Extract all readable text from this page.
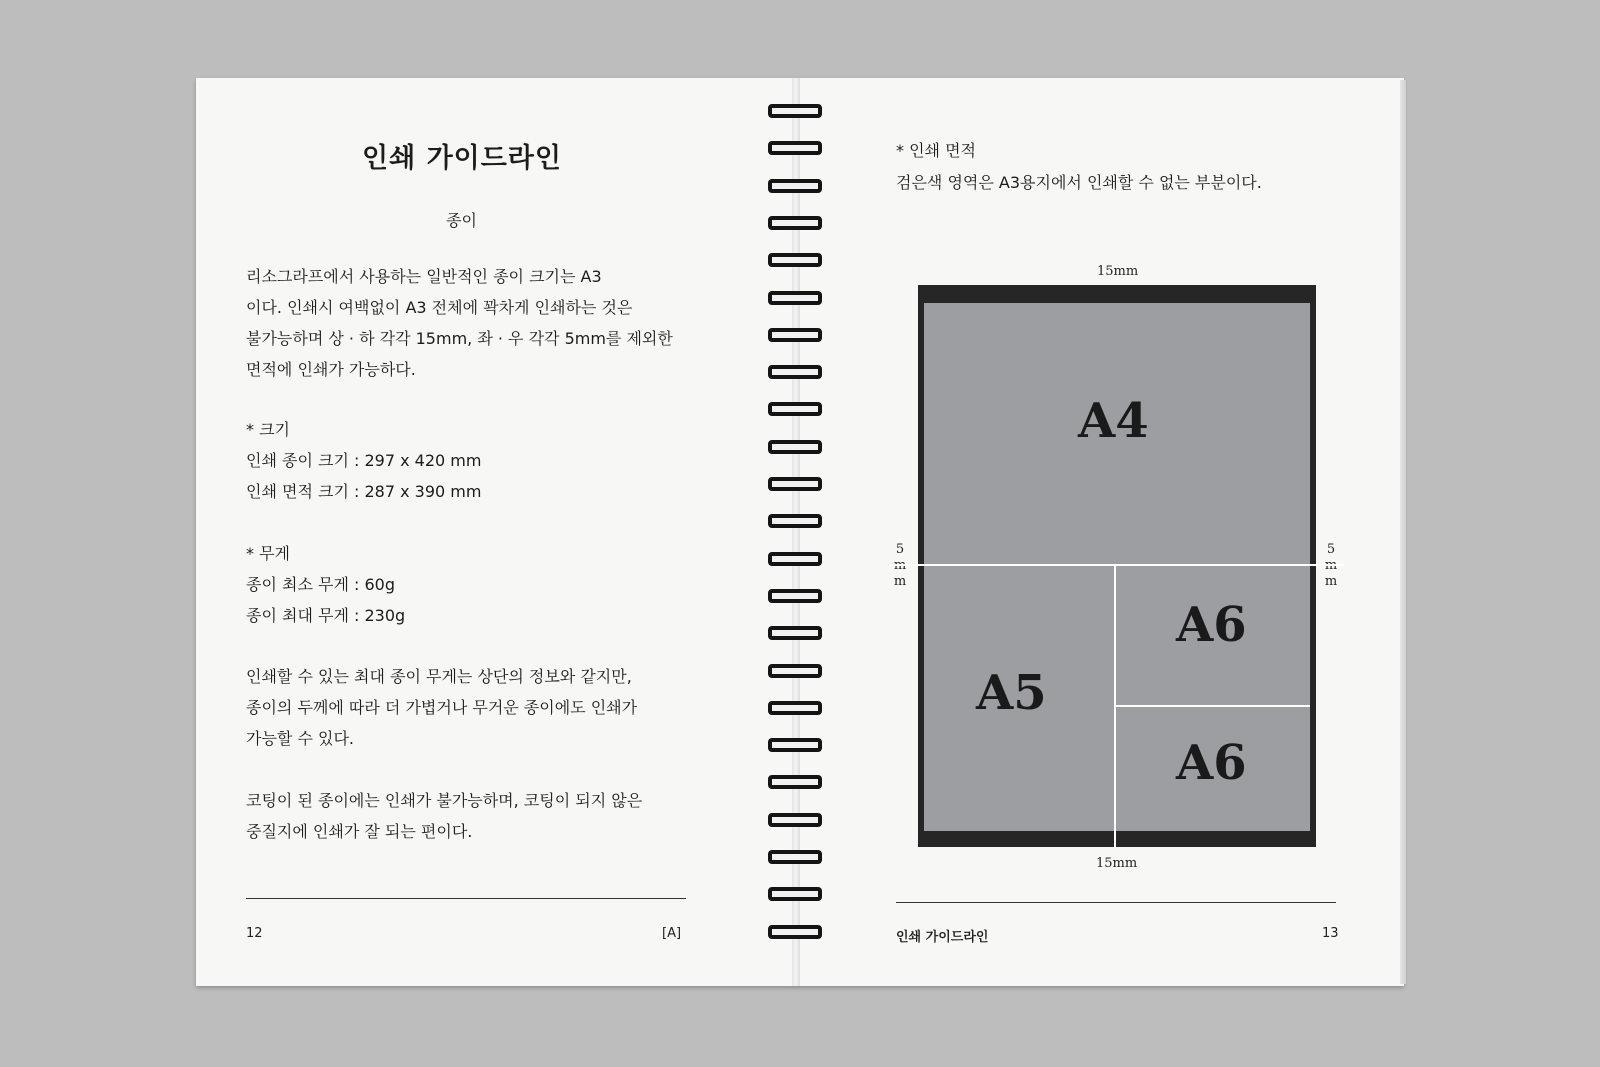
인쇄 가이드라인
종이
리소그라프에서 사용하는 일반적인 종이 크기는 A3
이다. 인쇄시 여백없이 A3 전체에 꽉차게 인쇄하는 것은
불가능하며 상 · 하 각각 15mm, 좌 · 우 각각 5mm를 제외한
면적에 인쇄가 가능하다.
* 크기
인쇄 종이 크기 : 297 x 420 mm
인쇄 면적 크기 : 287 x 390 mm
* 무게
종이 최소 무게 : 60g
종이 최대 무게 : 230g
인쇄할 수 있는 최대 종이 무게는 상단의 정보와 같지만,
종이의 두께에 따라 더 가볍거나 무거운 종이에도 인쇄가
가능할 수 있다.
코팅이 된 종이에는 인쇄가 불가능하며, 코팅이 되지 않은
중질지에 인쇄가 잘 되는 편이다.
12	[A]
* 인쇄 면적
검은색 영역은 A3용지에서 인쇄할 수 없는 부분이다.
인쇄 가이드라인	13
15mm
15mm
5
m
5
m
A4
A6
A5
A6
